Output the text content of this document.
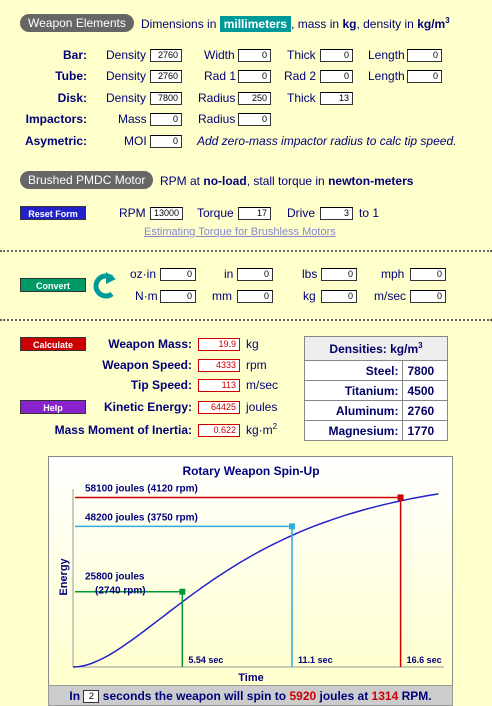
Weapon Elements	Dimensions in millimeters , mass in kg, density in $kg/m^3$
Bar: Density	2760	Width	0	Thick	0	Length	0
Tube: Density	2760	Rad 1	0	Rad 2	0	Length	0
Disk: Density	7800	Radius	250	Thick	13
Impactors:	Mass	0	Radius	0
Asymetric:	MOI	0	Add zero-mass impactor radius to calc tip speed.
Brushed PMDC Motor	RPM at no-load, stall torque in newton-meters
Reset Form	RPM 13000	Torque	17	Drive	3 to 1
Estimating Torque for Brushless Motors
Convert
oz·in	0	in	0	lbs	0	mph	0
N·m	0	mm	0	kg	0	m/sec	0
Calculate
Help
Weapon Mass:	19.9 kg
Weapon Speed:	4333 rpm
Tip Speed:	113 m/sec
Kinetic Energy:	64425 joules
Mass Moment of Inertia:	0.622 $kg\cdot m^2$
Densities: $kg/m^3$
Steel:	7800
Titanium:	4500
Aluminum:	2760
Magnesium:	1770
Rotary Weapon Spin-Up
Time
Energy 25800 joules
(2740 rpm)
5.54 sec
48200 joules (3750 rpm)
11.1 sec
58100 joules (4120 rpm)
16.6 sec
In 2 seconds the weapon will spin to 5920 joules at 1314 RPM.
